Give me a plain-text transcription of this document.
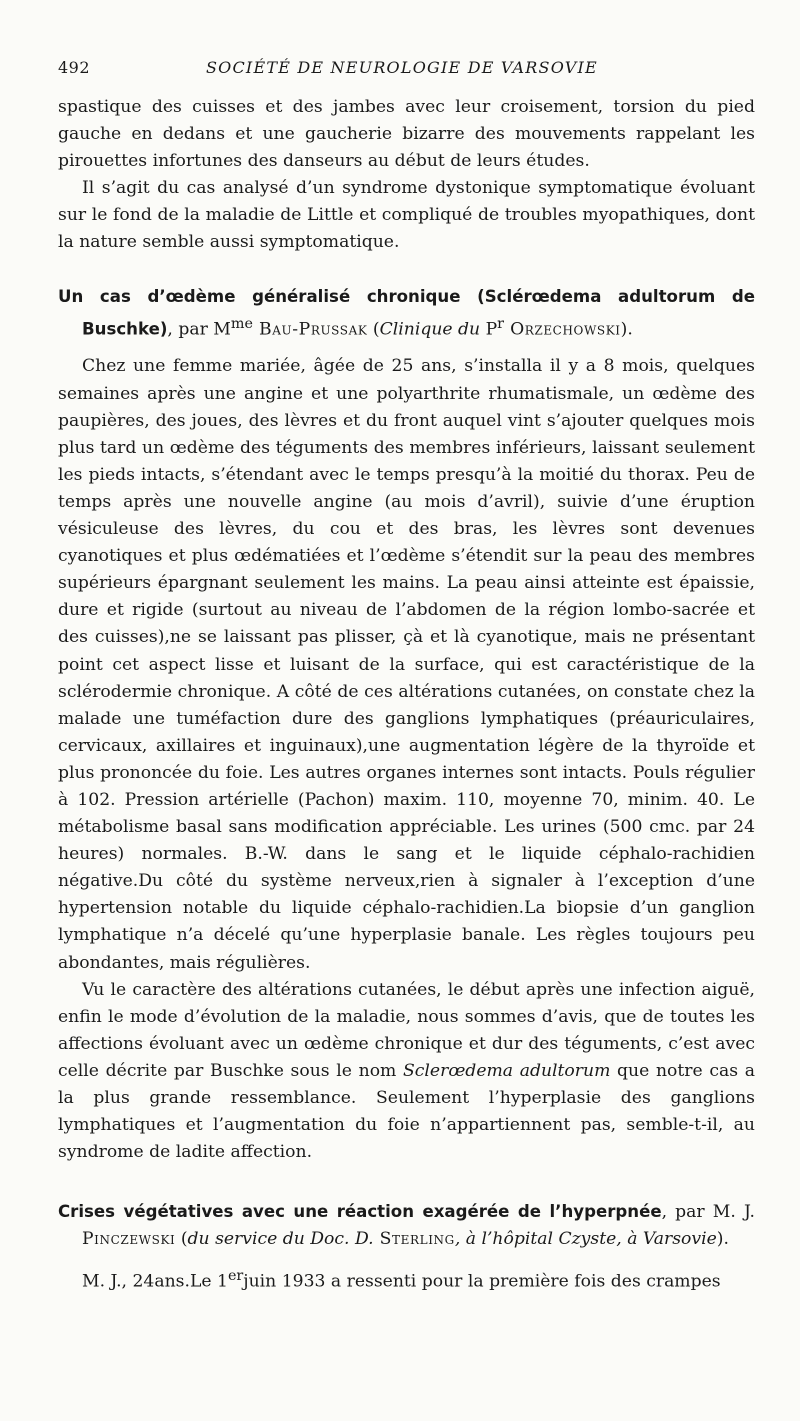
492	SOCIÉTÉ DE NEUROLOGIE DE VARSOVIE

spastique des cuisses et des jambes avec leur croisement, torsion du pied gauche en dedans et une gaucherie bizarre des mouvements rappelant les pirouettes infortunes des danseurs au début de leurs études.

Il s’agit du cas analysé d’un syndrome dystonique symptomatique évoluant sur le fond de la maladie de Little et compliqué de troubles myopathiques, dont la nature semble aussi symptomatique.

Un cas d’œdème généralisé chronique (Sclérœdema adultorum de Buschke), par $M^{me}$ Bau-Prussak (Clinique du $P^r$ Orzechowski).

Chez une femme mariée, âgée de 25 ans, s’installa il y a 8 mois, quelques semaines après une angine et une polyarthrite rhumatismale, un œdème des paupières, des joues, des lèvres et du front auquel vint s’ajouter quelques mois plus tard un œdème des téguments des membres inférieurs, laissant seulement les pieds intacts, s’étendant avec le temps presqu’à la moitié du thorax. Peu de temps après une nouvelle angine (au mois d’avril), suivie d’une éruption vésiculeuse des lèvres, du cou et des bras, les lèvres sont devenues cyanotiques et plus œdématiées et l’œdème s’étendit sur la peau des membres supérieurs épargnant seulement les mains. La peau ainsi atteinte est épaissie, dure et rigide (surtout au niveau de l’abdomen de la région lombo-sacrée et des cuisses),ne se laissant pas plisser, çà et là cyanotique, mais ne présentant point cet aspect lisse et luisant de la surface, qui est caractéristique de la sclérodermie chronique. A côté de ces altérations cutanées, on constate chez la malade une tuméfaction dure des ganglions lymphatiques (préauriculaires, cervicaux, axillaires et inguinaux),une augmentation légère de la thyroïde et plus prononcée du foie. Les autres organes internes sont intacts. Pouls régulier à 102. Pression artérielle (Pachon) maxim. 110, moyenne 70, minim. 40. Le métabolisme basal sans modification appréciable. Les urines (500 cmc. par 24 heures) normales. B.-W. dans le sang et le liquide céphalo-rachidien négative.Du côté du système nerveux,rien à signaler à l’exception d’une hypertension notable du liquide céphalo-rachidien.La biopsie d’un ganglion lymphatique n’a décelé qu’une hyperplasie banale. Les règles toujours peu abondantes, mais régulières.

Vu le caractère des altérations cutanées, le début après une infection aiguë, enfin le mode d’évolution de la maladie, nous sommes d’avis, que de toutes les affections évoluant avec un œdème chronique et dur des téguments, c’est avec celle décrite par Buschke sous le nom Sclerœdema adultorum que notre cas a la plus grande ressemblance. Seulement l’hyperplasie des ganglions lymphatiques et l’augmentation du foie n’appartiennent pas, semble-t-il, au syndrome de ladite affection.

Crises végétatives avec une réaction exagérée de l’hyperpnée, par M. J. Pinczewski (du service du Doc. D. Sterling, à l’hôpital Czyste, à Varsovie).

M. J., 24ans.Le 1erjuin 1933 a ressenti pour la première fois des crampes
